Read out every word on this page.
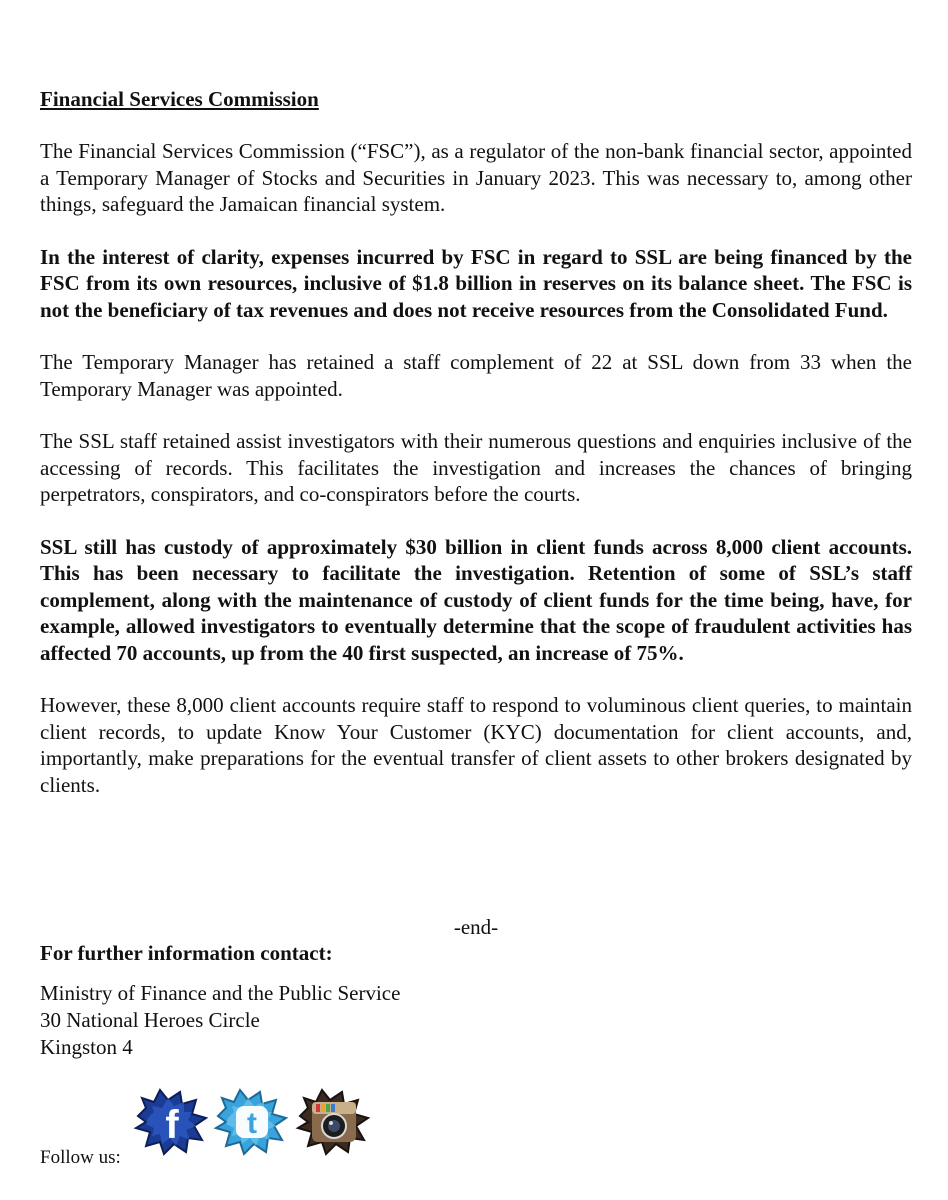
Financial Services Commission

The Financial Services Commission (“FSC”), as a regulator of the non-bank financial sector, appointed a Temporary Manager of Stocks and Securities in January 2023. This was necessary to, among other things, safeguard the Jamaican financial system.

In the interest of clarity, expenses incurred by FSC in regard to SSL are being financed by the FSC from its own resources, inclusive of $1.8 billion in reserves on its balance sheet. The FSC is not the beneficiary of tax revenues and does not receive resources from the Consolidated Fund.

The Temporary Manager has retained a staff complement of 22 at SSL down from 33 when the Temporary Manager was appointed.

The SSL staff retained assist investigators with their numerous questions and enquiries inclusive of the accessing of records. This facilitates the investigation and increases the chances of bringing perpetrators, conspirators, and co-conspirators before the courts.

SSL still has custody of approximately $30 billion in client funds across 8,000 client accounts. This has been necessary to facilitate the investigation. Retention of some of SSL’s staff complement, along with the maintenance of custody of client funds for the time being, have, for example, allowed investigators to eventually determine that the scope of fraudulent activities has affected 70 accounts, up from the 40 first suspected, an increase of 75%.

However, these 8,000 client accounts require staff to respond to voluminous client queries, to maintain client records, to update Know Your Customer (KYC) documentation for client accounts, and, importantly, make preparations for the eventual transfer of client assets to other brokers designated by clients.

-end-
For further information contact:
Ministry of Finance and the Public Service
30 National Heroes Circle
Kingston 4
Follow us:
f t
